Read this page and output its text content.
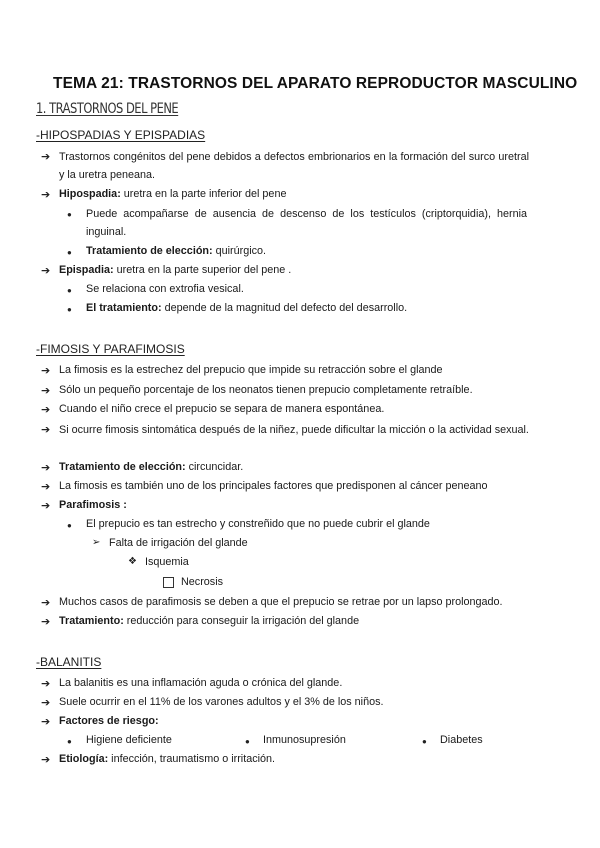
TEMA 21: TRASTORNOS DEL APARATO REPRODUCTOR MASCULINO
1. TRASTORNOS DEL PENE
-HIPOSPADIAS Y EPISPADIAS
➔ Trastornos congénitos del pene debidos a defectos embrionarios en la formación del surco uretral y la uretra peneana.
➔ Hipospadia: uretra en la parte inferior del pene
● Puede acompañarse de ausencia de descenso de los testículos (criptorquidia), hernia inguinal.
● Tratamiento de elección: quirúrgico.
➔ Epispadia: uretra en la parte superior del pene .
● Se relaciona con extrofia vesical.
● El tratamiento: depende de la magnitud del defecto del desarrollo.
-FIMOSIS Y PARAFIMOSIS
➔ La fimosis es la estrechez del prepucio que impide su retracción sobre el glande
➔ Sólo un pequeño porcentaje de los neonatos tienen prepucio completamente retraíble.
➔ Cuando el niño crece el prepucio se separa de manera espontánea.
➔ Si ocurre fimosis sintomática después de la niñez, puede dificultar la micción o la actividad sexual.
➔ Tratamiento de elección: circuncidar.
➔ La fimosis es también uno de los principales factores que predisponen al cáncer peneano
➔ Parafimosis :
● El prepucio es tan estrecho y constreñido que no puede cubrir el glande
➢ Falta de irrigación del glande
❖ Isquemia
Necrosis
➔ Muchos casos de parafimosis se deben a que el prepucio se retrae por un lapso prolongado.
➔ Tratamiento: reducción para conseguir la irrigación del glande
-BALANITIS
➔ La balanitis es una inflamación aguda o crónica del glande.
➔ Suele ocurrir en el 11% de los varones adultos y el 3% de los niños.
➔ Factores de riesgo:
● Higiene deficiente	● Inmunosupresión	● Diabetes
➔ Etiología: infección, traumatismo o irritación.
